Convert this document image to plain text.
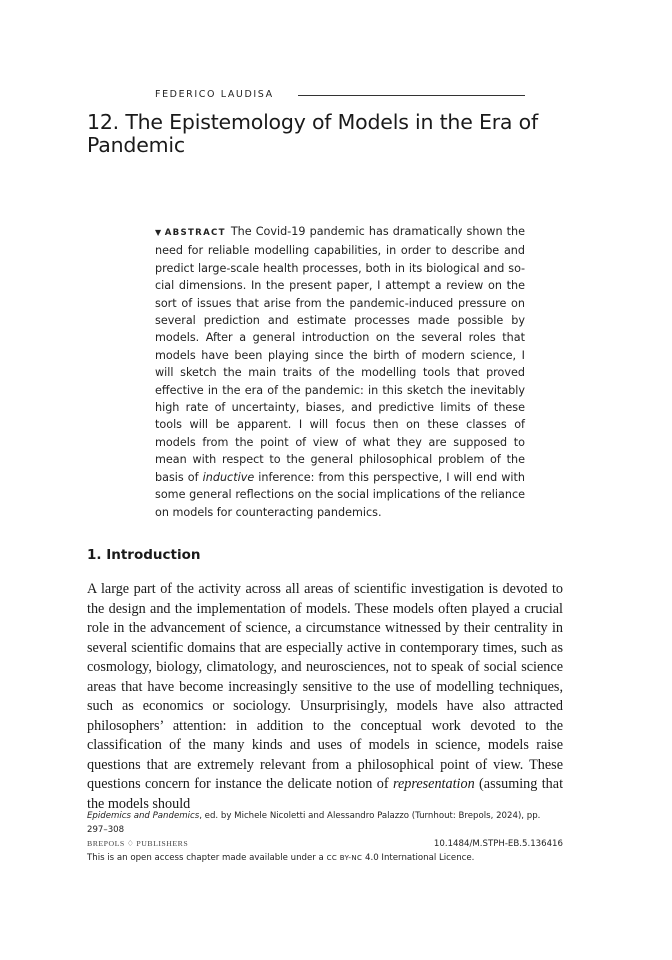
FEDERICO LAUDISA
12. The Epistemology of Models in the Era of Pandemic

▼ ABSTRACT The Covid-19 pandemic has dramatically shown the need for reliable modelling capabilities, in order to describe and predict large-scale health processes, both in its biological and social dimensions. In the present paper, I attempt a review on the sort of issues that arise from the pandemic-induced pressure on several prediction and estimate processes made possible by models. After a general introduction on the several roles that models have been playing since the birth of modern science, I will sketch the main traits of the modelling tools that proved effective in the era of the pandemic: in this sketch the inevitably high rate of uncertainty, biases, and predictive limits of these tools will be apparent. I will focus then on these classes of models from the point of view of what they are supposed to mean with respect to the general philosophical problem of the basis of inductive inference: from this perspective, I will end with some general reflections on the social implications of the reliance on models for counteracting pandemics.

1. Introduction

A large part of the activity across all areas of scientific investigation is devoted to the design and the implementation of models. These models often played a crucial role in the advancement of science, a circumstance witnessed by their centrality in several scientific domains that are especially active in contemporary times, such as cosmology, biology, climatology, and neurosciences, not to speak of social science areas that have become increasingly sensitive to the use of modelling techniques, such as economics or sociology. Unsurprisingly, models have also attracted philosophers’ attention: in addition to the conceptual work devoted to the classification of the many kinds and uses of models in science, models raise questions that are extremely relevant from a philosophical point of view. These questions concern for instance the delicate notion of representation (assuming that the models should

Epidemics and Pandemics, ed. by Michele Nicoletti and Alessandro Palazzo (Turnhout: Brepols, 2024), pp. 297–308
BREPOLS ♢ PUBLISHERS	10.1484/M.STPH-EB.5.136416
This is an open access chapter made available under a CC BY-NC 4.0 International Licence.
